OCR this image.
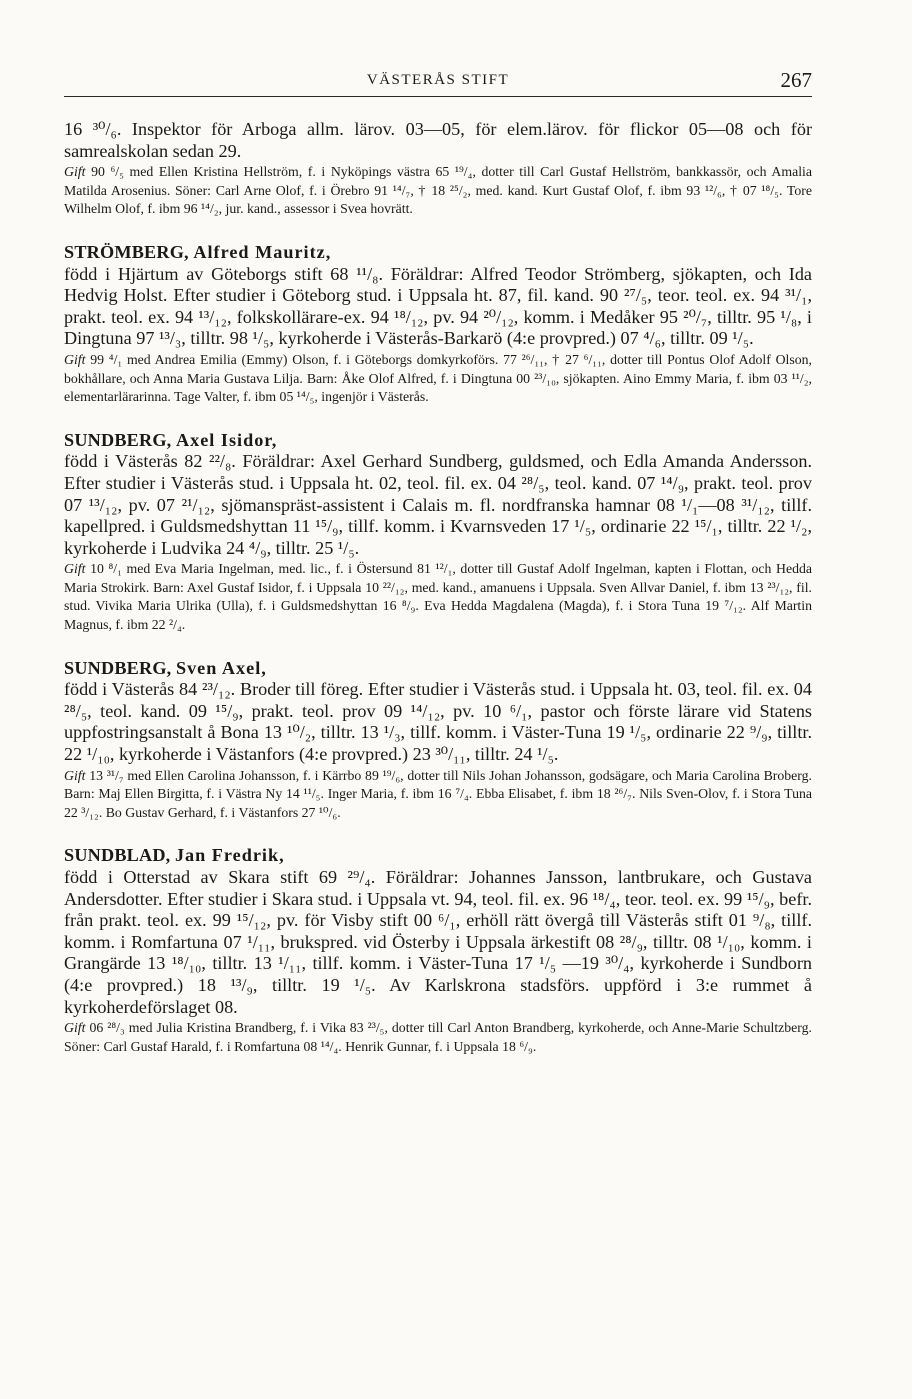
VÄSTERÅS STIFT	267

16 ³⁰/₆. Inspektor för Arboga allm. lärov. 03—05, för elem.lärov. för flickor 05—08 och för samrealskolan sedan 29.

Gift 90 ⁶/₅ med Ellen Kristina Hellström, f. i Nyköpings västra 65 ¹⁹/₄, dotter till Carl Gustaf Hellström, bankkassör, och Amalia Matilda Arosenius. Söner: Carl Arne Olof, f. i Örebro 91 ¹⁴/₇, † 18 ²⁵/₂, med. kand. Kurt Gustaf Olof, f. ibm 93 ¹²/₆, † 07 ¹⁸/₅. Tore Wilhelm Olof, f. ibm 96 ¹⁴/₂, jur. kand., assessor i Svea hovrätt.

STRÖMBERG, Alfred Mauritz,
född i Hjärtum av Göteborgs stift 68 ¹¹/₈. Föräldrar: Alfred Teodor Strömberg, sjökapten, och Ida Hedvig Holst. Efter studier i Göteborg stud. i Uppsala ht. 87, fil. kand. 90 ²⁷/₅, teor. teol. ex. 94 ³¹/₁, prakt. teol. ex. 94 ¹³/₁₂, folkskollärare-ex. 94 ¹⁸/₁₂, pv. 94 ²⁰/₁₂, komm. i Medåker 95 ²⁰/₇, tilltr. 95 ¹/₈, i Dingtuna 97 ¹³/₃, tilltr. 98 ¹/₅, kyrkoherde i Västerås-Barkarö (4:e provpred.) 07 ⁴/₆, tilltr. 09 ¹/₅.

Gift 99 ⁴/₁ med Andrea Emilia (Emmy) Olson, f. i Göteborgs domkyrkoförs. 77 ²⁶/₁₁, † 27 ⁶/₁₁, dotter till Pontus Olof Adolf Olson, bokhållare, och Anna Maria Gustava Lilja. Barn: Åke Olof Alfred, f. i Dingtuna 00 ²³/₁₀, sjökapten. Aino Emmy Maria, f. ibm 03 ¹¹/₂, elementarlärarinna. Tage Valter, f. ibm 05 ¹⁴/₅, ingenjör i Västerås.

SUNDBERG, Axel Isidor,
född i Västerås 82 ²²/₈. Föräldrar: Axel Gerhard Sundberg, guldsmed, och Edla Amanda Andersson. Efter studier i Västerås stud. i Uppsala ht. 02, teol. fil. ex. 04 ²⁸/₅, teol. kand. 07 ¹⁴/₉, prakt. teol. prov 07 ¹³/₁₂, pv. 07 ²¹/₁₂, sjömanspräst-assistent i Calais m. fl. nordfranska hamnar 08 ¹/₁—08 ³¹/₁₂, tillf. kapellpred. i Guldsmedshyttan 11 ¹⁵/₉, tillf. komm. i Kvarnsveden 17 ¹/₅, ordinarie 22 ¹⁵/₁, tilltr. 22 ¹/₂, kyrkoherde i Ludvika 24 ⁴/₉, tilltr. 25 ¹/₅.

Gift 10 ⁸/₁ med Eva Maria Ingelman, med. lic., f. i Östersund 81 ¹²/₁, dotter till Gustaf Adolf Ingelman, kapten i Flottan, och Hedda Maria Strokirk. Barn: Axel Gustaf Isidor, f. i Uppsala 10 ²²/₁₂, med. kand., amanuens i Uppsala. Sven Allvar Daniel, f. ibm 13 ²³/₁₂, fil. stud. Vivika Maria Ulrika (Ulla), f. i Guldsmedshyttan 16 ⁸/₉. Eva Hedda Magdalena (Magda), f. i Stora Tuna 19 ⁷/₁₂. Alf Martin Magnus, f. ibm 22 ²/₄.

SUNDBERG, Sven Axel,
född i Västerås 84 ²³/₁₂. Broder till föreg. Efter studier i Västerås stud. i Uppsala ht. 03, teol. fil. ex. 04 ²⁸/₅, teol. kand. 09 ¹⁵/₉, prakt. teol. prov 09 ¹⁴/₁₂, pv. 10 ⁶/₁, pastor och förste lärare vid Statens uppfostringsanstalt å Bona 13 ¹⁰/₂, tilltr. 13 ¹/₃, tillf. komm. i Väster-Tuna 19 ¹/₅, ordinarie 22 ⁹/₉, tilltr. 22 ¹/₁₀, kyrkoherde i Västanfors (4:e provpred.) 23 ³⁰/₁₁, tilltr. 24 ¹/₅.

Gift 13 ³¹/₇ med Ellen Carolina Johansson, f. i Kärrbo 89 ¹⁹/₆, dotter till Nils Johan Johansson, godsägare, och Maria Carolina Broberg. Barn: Maj Ellen Birgitta, f. i Västra Ny 14 ¹¹/₅. Inger Maria, f. ibm 16 ⁷/₄. Ebba Elisabet, f. ibm 18 ²⁶/₇. Nils Sven-Olov, f. i Stora Tuna 22 ³/₁₂. Bo Gustav Gerhard, f. i Västanfors 27 ¹⁰/₆.

SUNDBLAD, Jan Fredrik,
född i Otterstad av Skara stift 69 ²⁹/₄. Föräldrar: Johannes Jansson, lantbrukare, och Gustava Andersdotter. Efter studier i Skara stud. i Uppsala vt. 94, teol. fil. ex. 96 ¹⁸/₄, teor. teol. ex. 99 ¹⁵/₉, befr. från prakt. teol. ex. 99 ¹⁵/₁₂, pv. för Visby stift 00 ⁶/₁, erhöll rätt övergå till Västerås stift 01 ⁹/₈, tillf. komm. i Romfartuna 07 ¹/₁₁, brukspred. vid Österby i Uppsala ärkestift 08 ²⁸/₉, tilltr. 08 ¹/₁₀, komm. i Grangärde 13 ¹⁸/₁₀, tilltr. 13 ¹/₁₁, tillf. komm. i Väster-Tuna 17 ¹/₅ —19 ³⁰/₄, kyrkoherde i Sundborn (4:e provpred.) 18 ¹³/₉, tilltr. 19 ¹/₅. Av Karlskrona stadsförs. uppförd i 3:e rummet å kyrkoherdeförslaget 08.

Gift 06 ²⁸/₃ med Julia Kristina Brandberg, f. i Vika 83 ²³/₅, dotter till Carl Anton Brandberg, kyrkoherde, och Anne-Marie Schultzberg. Söner: Carl Gustaf Harald, f. i Romfartuna 08 ¹⁴/₄. Henrik Gunnar, f. i Uppsala 18 ⁶/₉.
